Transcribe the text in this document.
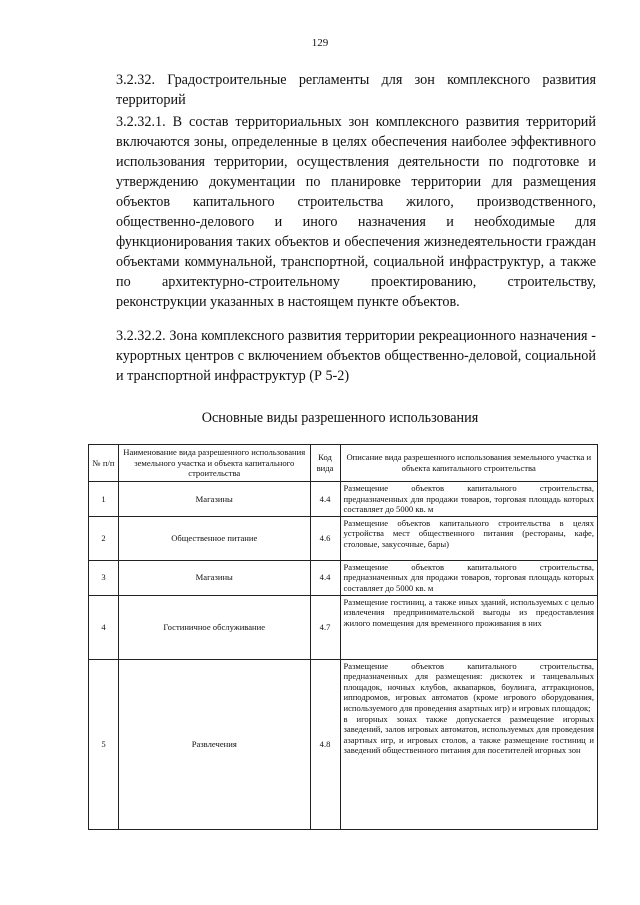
129
3.2.32. Градостроительные регламенты для зон комплексного развития территорий
3.2.32.1. В состав территориальных зон комплексного развития территорий включаются зоны, определенные в целях обеспечения наиболее эффективного использования территории, осуществления деятельности по подготовке и утверждению документации по планировке территории для размещения объектов капитального строительства жилого, производственного, общественно-делового и иного назначения и необходимые для функционирования таких объектов и обеспечения жизнедеятельности граждан объектами коммунальной, транспортной, социальной инфраструктур, а также по архитектурно-строительному проектированию, строительству, реконструкции указанных в настоящем пункте объектов.
3.2.32.2. Зона комплексного развития территории рекреационного назначения - курортных центров с включением объектов общественно-деловой, социальной и транспортной инфраструктур (Р 5-2)
Основные виды разрешенного использования
№ п/п	Наименование вида разрешенного использования земельного участка и объекта капитального строительства	Код вида	Описание вида разрешенного использования земельного участка и объекта капитального строительства
1	Магазины	4.4	Размещение объектов капитального строительства, предназначенных для продажи товаров, торговая площадь которых составляет до 5000 кв. м
2	Общественное питание	4.6	Размещение объектов капитального строительства в целях устройства мест общественного питания (рестораны, кафе, столовые, закусочные, бары)
3	Магазины	4.4	Размещение объектов капитального строительства, предназначенных для продажи товаров, торговая площадь которых составляет до 5000 кв. м
4	Гостиничное обслуживание	4.7	Размещение гостиниц, а также иных зданий, используемых с целью извлечения предпринимательской выгоды из предоставления жилого помещения для временного проживания в них
5	Развлечения	4.8	Размещение объектов капитального строительства, предназначенных для размещения: дискотек и танцевальных площадок, ночных клубов, аквапарков, боулинга, аттракционов, ипподромов, игровых автоматов (кроме игрового оборудования, используемого для проведения азартных игр) и игровых площадок;
в игорных зонах также допускается размещение игорных заведений, залов игровых автоматов, используемых для проведения азартных игр, и игровых столов, а также размещение гостиниц и заведений общественного питания для посетителей игорных зон
